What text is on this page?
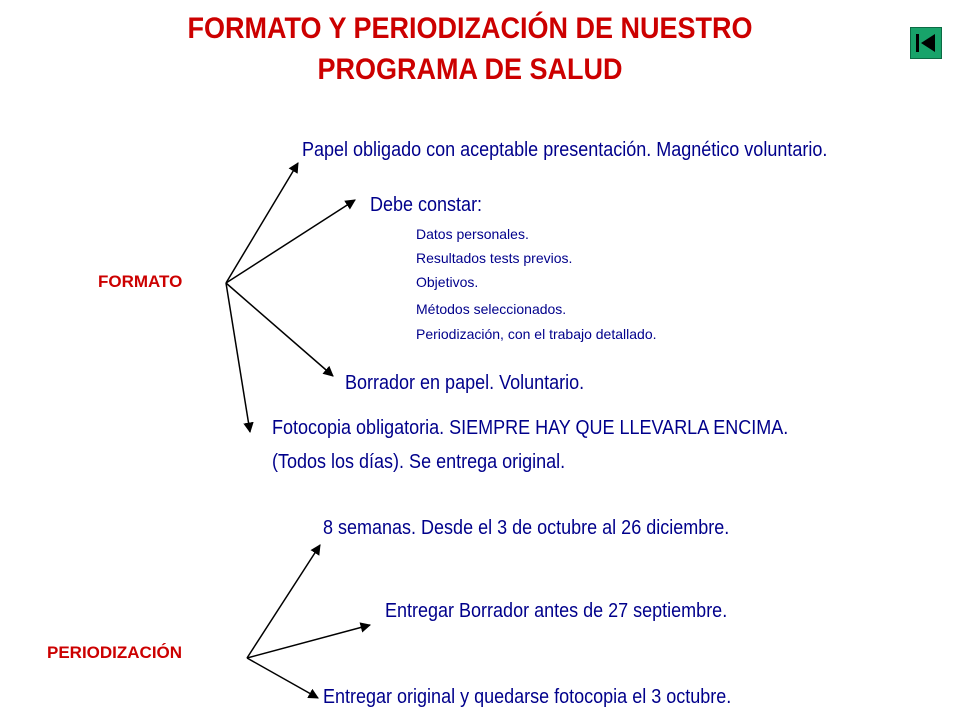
FORMATO Y PERIODIZACIÓN DE NUESTRO
PROGRAMA DE SALUD
FORMATO
Papel obligado con aceptable presentación. Magnético voluntario.
Debe constar:
Datos personales.
Resultados tests previos.
Objetivos.
Métodos seleccionados.
Periodización, con el trabajo detallado.
Borrador en papel. Voluntario.
Fotocopia obligatoria. SIEMPRE HAY QUE LLEVARLA ENCIMA.
(Todos los días). Se entrega original.
PERIODIZACIÓN
8 semanas. Desde el 3 de octubre al 26 diciembre.
Entregar Borrador antes de 27 septiembre.
Entregar original y quedarse fotocopia el 3 octubre.
